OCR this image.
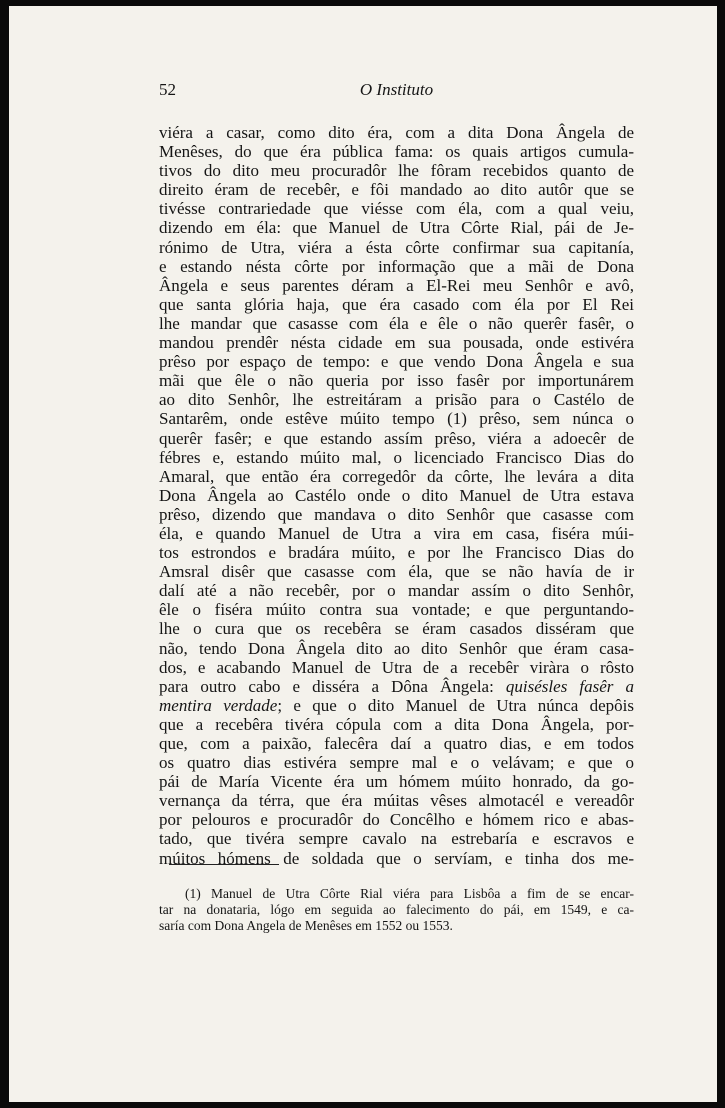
52	O Instituto
viéra a casar, como dito éra, com a dita Dona Ângela de
Menêses, do que éra pública fama: os quais artigos cumula-
tivos do dito meu procuradôr lhe fôram recebidos quanto de
direito éram de recebêr, e fôi mandado ao dito autôr que se
tivésse contrariedade que viésse com éla, com a qual veiu,
dizendo em éla: que Manuel de Utra Côrte Rial, pái de Je-
rónimo de Utra, viéra a ésta côrte confirmar sua capitanía,
e estando nésta côrte por informação que a mãi de Dona
Ângela e seus parentes déram a El-Rei meu Senhôr e avô,
que santa glória haja, que éra casado com éla por El Rei
lhe mandar que casasse com éla e êle o não querêr fasêr, o
mandou prendêr nésta cidade em sua pousada, onde estivéra
prêso por espaço de tempo: e que vendo Dona Ângela e sua
mãi que êle o não queria por isso fasêr por importunárem
ao dito Senhôr, lhe estreitáram a prisão para o Castélo de
Santarêm, onde estêve múito tempo (1) prêso, sem núnca o
querêr fasêr; e que estando assím prêso, viéra a adoecêr de
fébres e, estando múito mal, o licenciado Francisco Dias do
Amaral, que então éra corregedôr da côrte, lhe levára a dita
Dona Ângela ao Castélo onde o dito Manuel de Utra estava
prêso, dizendo que mandava o dito Senhôr que casasse com
éla, e quando Manuel de Utra a vira em casa, fiséra múi-
tos estrondos e bradára múito, e por lhe Francisco Dias do
Amsral disêr que casasse com éla, que se não havía de ir
dalí até a não recebêr, por o mandar assím o dito Senhôr,
êle o fiséra múito contra sua vontade; e que perguntando-
lhe o cura que os recebêra se éram casados disséram que
não, tendo Dona Ângela dito ao dito Senhôr que éram casa-
dos, e acabando Manuel de Utra de a recebêr viràra o rôsto
para outro cabo e disséra a Dôna Ângela: quisésles fasêr a
mentira verdade; e que o dito Manuel de Utra núnca depôis
que a recebêra tivéra cópula com a dita Dona Ângela, por-
que, com a paixão, falecêra daí a quatro dias, e em todos
os quatro dias estivéra sempre mal e o velávam; e que o
pái de María Vicente éra um hómem múito honrado, da go-
vernança da térra, que éra múitas vêses almotacél e vereadôr
por pelouros e procuradôr do Concêlho e hómem rico e abas-
tado, que tivéra sempre cavalo na estrebaría e escravos e
múitos hómens de soldada que o servíam, e tinha dos me-
(1) Manuel de Utra Côrte Rial viéra para Lisbôa a fim de se encar-
tar na donataria, lógo em seguida ao falecimento do pái, em 1549, e ca-
saría com Dona Angela de Menêses em 1552 ou 1553.
